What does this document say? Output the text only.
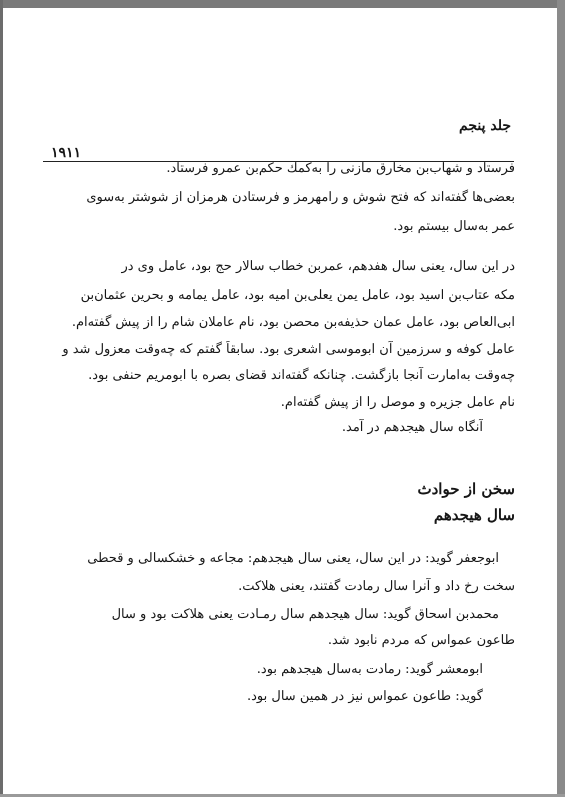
جلد پنجم
۱۹۱۱
فرستاد و شهاب‌بن مخارق مازنی را به‌کمك حکم‌بن عمرو فرستاد.
بعضی‌ها گفته‌اند که فتح شوش و رامهرمز و فرستادن هرمزان از شوشتر به‌سوی
عمر به‌سال بیستم بود.
در این سال، یعنی سال هفدهم، عمربن خطاب سالار حج بود، عامل وی در
مکه عتاب‌بن اسید بود، عامل یمن یعلی‌بن امیه بود، عامل یمامه و بحرین عثمان‌بن
ابی‌العاص بود، عامل عمان حذیفه‌بن محصن بود، نام عاملان شام را از پیش گفته‌ام.
عامل کوفه و سرزمین آن ابوموسی اشعری بود. سابقاً گفتم که چه‌وقت معزول شد و
چه‌وقت به‌امارت آنجا بازگشت. چنانکه گفته‌اند قضای بصره با ابومریم حنفی بود.
نام عامل جزیره و موصل را از پیش گفته‌ام.
آنگاه سال هیجدهم در آمد.
سخن از حوادث
سال هیجدهم
ابوجعفر گوید: در این سال، یعنی سال هیجدهم: مجاعه و خشکسالی و قحطی
سخت رخ داد و آنرا سال رمادت گفتند، یعنی هلاکت.
محمدبن اسحاق گوید: سال هیجدهم سال رمـادت یعنی هلاکت بود و سال
طاعون عمواس که مردم نابود شد.
ابومعشر گوید: رمادت به‌سال هیجدهم بود.
گوید: طاعون عمواس نیز در همین سال بود.
